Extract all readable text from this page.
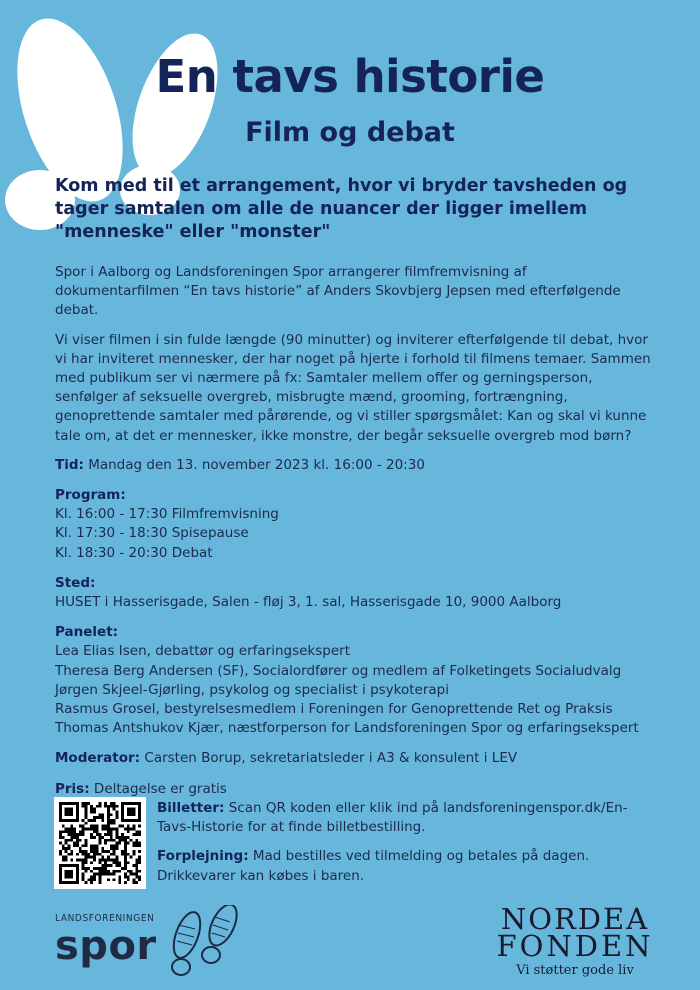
En tavs historie
Film og debat
Kom med til et arrangement, hvor vi bryder tavsheden og tager samtalen om alle de nuancer der ligger imellem "menneske" eller "monster"

Spor i Aalborg og Landsforeningen Spor arrangerer filmfremvisning af dokumentarfilmen “En tavs historie” af Anders Skovbjerg Jepsen med efterfølgende debat.

Vi viser filmen i sin fulde længde (90 minutter) og inviterer efterfølgende til debat, hvor vi har inviteret mennesker, der har noget på hjerte i forhold til filmens temaer. Sammen med publikum ser vi nærmere på fx: Samtaler mellem offer og gerningsperson, senfølger af seksuelle overgreb, misbrugte mænd, grooming, fortrængning, genoprettende samtaler med pårørende, og vi stiller spørgsmålet: Kan og skal vi kunne tale om, at det er mennesker, ikke monstre, der begår seksuelle overgreb mod børn?

Tid: Mandag den 13. november 2023 kl. 16:00 - 20:30
Program:
Kl. 16:00 - 17:30 Filmfremvisning
Kl. 17:30 - 18:30 Spisepause
Kl. 18:30 - 20:30 Debat
Sted:
HUSET i Hasserisgade, Salen - fløj 3, 1. sal, Hasserisgade 10, 9000 Aalborg
Panelet:
Lea Elias Isen, debattør og erfaringsekspert
Theresa Berg Andersen (SF), Socialordfører og medlem af Folketingets Socialudvalg
Jørgen Skjeel-Gjørling, psykolog og specialist i psykoterapi
Rasmus Grosel, bestyrelsesmedlem i Foreningen for Genoprettende Ret og Praksis
Thomas Antshukov Kjær, næstforperson for Landsforeningen Spor og erfaringsekspert
Moderator: Carsten Borup, sekretariatsleder i A3 & konsulent i LEV
Pris: Deltagelse er gratis

Billetter: Scan QR koden eller klik ind på landsforeningenspor.dk/En-Tavs-Historie for at finde billetbestilling.

Forplejning: Mad bestilles ved tilmelding og betales på dagen. Drikkevarer kan købes i baren.

LANDSFORENINGEN
spor
NORDEA
FONDEN
Vi støtter gode liv
